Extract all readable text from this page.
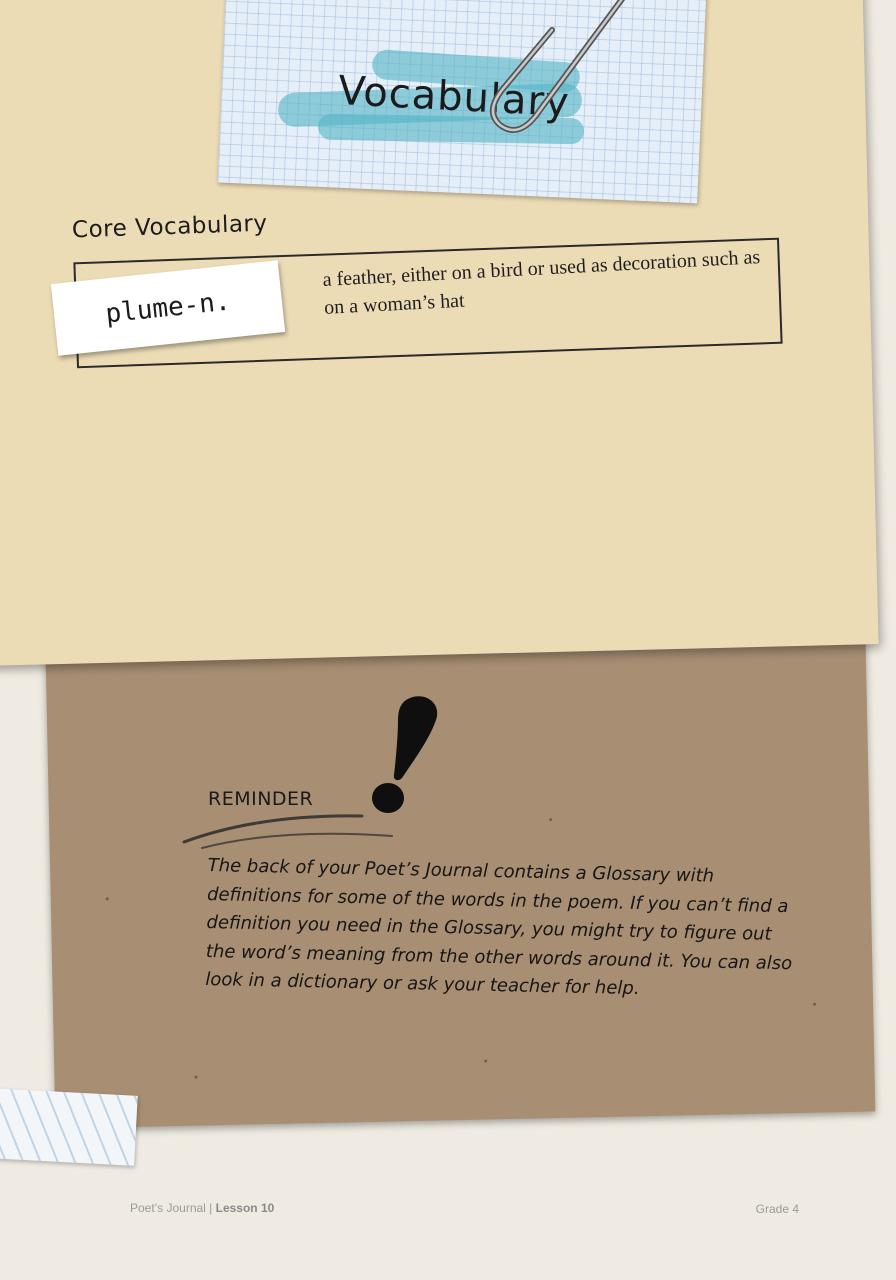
Vocabulary
Core Vocabulary
plume-n.
a feather, either on a bird or used as decoration such as on a woman’s hat
REMINDER
The back of your Poet’s Journal contains a Glossary with definitions for some of the words in the poem. If you can’t find a definition you need in the Glossary, you might try to figure out the word’s meaning from the other words around it. You can also look in a dictionary or ask your teacher for help.
Poet’s Journal | Lesson 10	Grade 4
